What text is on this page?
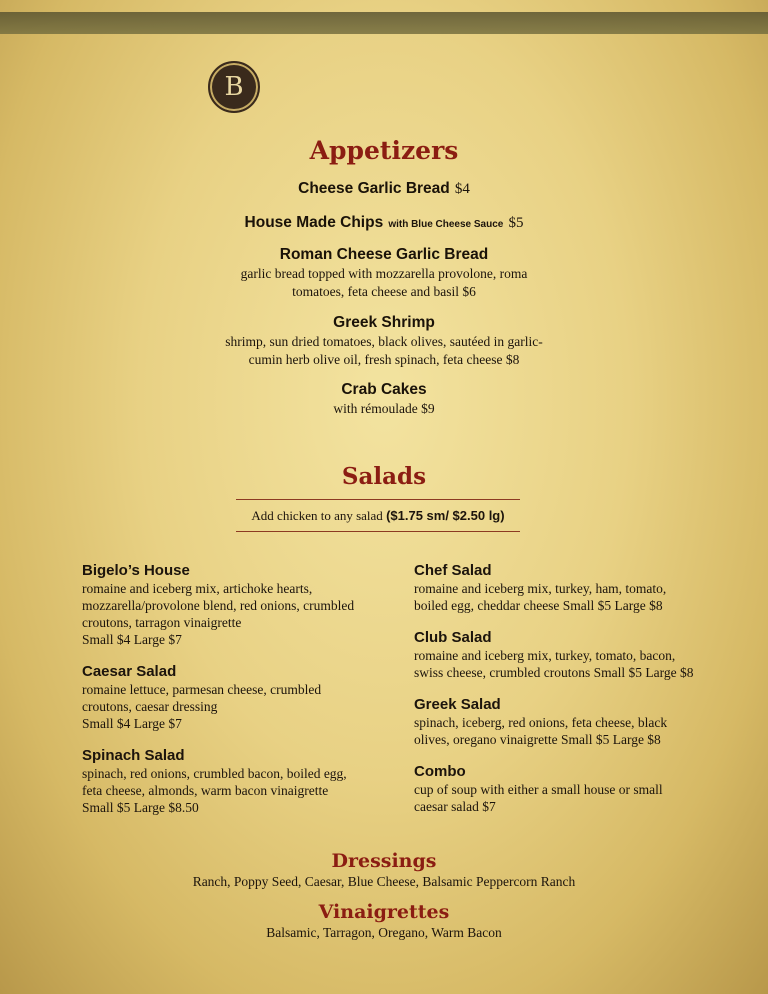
B
Appetizers
Cheese Garlic Bread $4
House Made Chips with Blue Cheese Sauce $5
Roman Cheese Garlic Bread
garlic bread topped with mozzarella provolone, roma
tomatoes, feta cheese and basil $6
Greek Shrimp
shrimp, sun dried tomatoes, black olives, sautéed in garlic-
cumin herb olive oil, fresh spinach, feta cheese $8
Crab Cakes
with rémoulade $9
Salads
Add chicken to any salad ($1.75 sm/ $2.50 lg)
Bigelo’s House
romaine and iceberg mix, artichoke hearts,
mozzarella/provolone blend, red onions, crumbled
croutons, tarragon vinaigrette
Small $4 Large $7
Caesar Salad
romaine lettuce, parmesan cheese, crumbled
croutons, caesar dressing
Small $4 Large $7
Spinach Salad
spinach, red onions, crumbled bacon, boiled egg,
feta cheese, almonds, warm bacon vinaigrette
Small $5 Large $8.50
Chef Salad
romaine and iceberg mix, turkey, ham, tomato,
boiled egg, cheddar cheese Small $5 Large $8
Club Salad
romaine and iceberg mix, turkey, tomato, bacon,
swiss cheese, crumbled croutons Small $5 Large $8
Greek Salad
spinach, iceberg, red onions, feta cheese, black
olives, oregano vinaigrette Small $5 Large $8
Combo
cup of soup with either a small house or small
caesar salad $7
Dressings
Ranch, Poppy Seed, Caesar, Blue Cheese, Balsamic Peppercorn Ranch
Vinaigrettes
Balsamic, Tarragon, Oregano, Warm Bacon
